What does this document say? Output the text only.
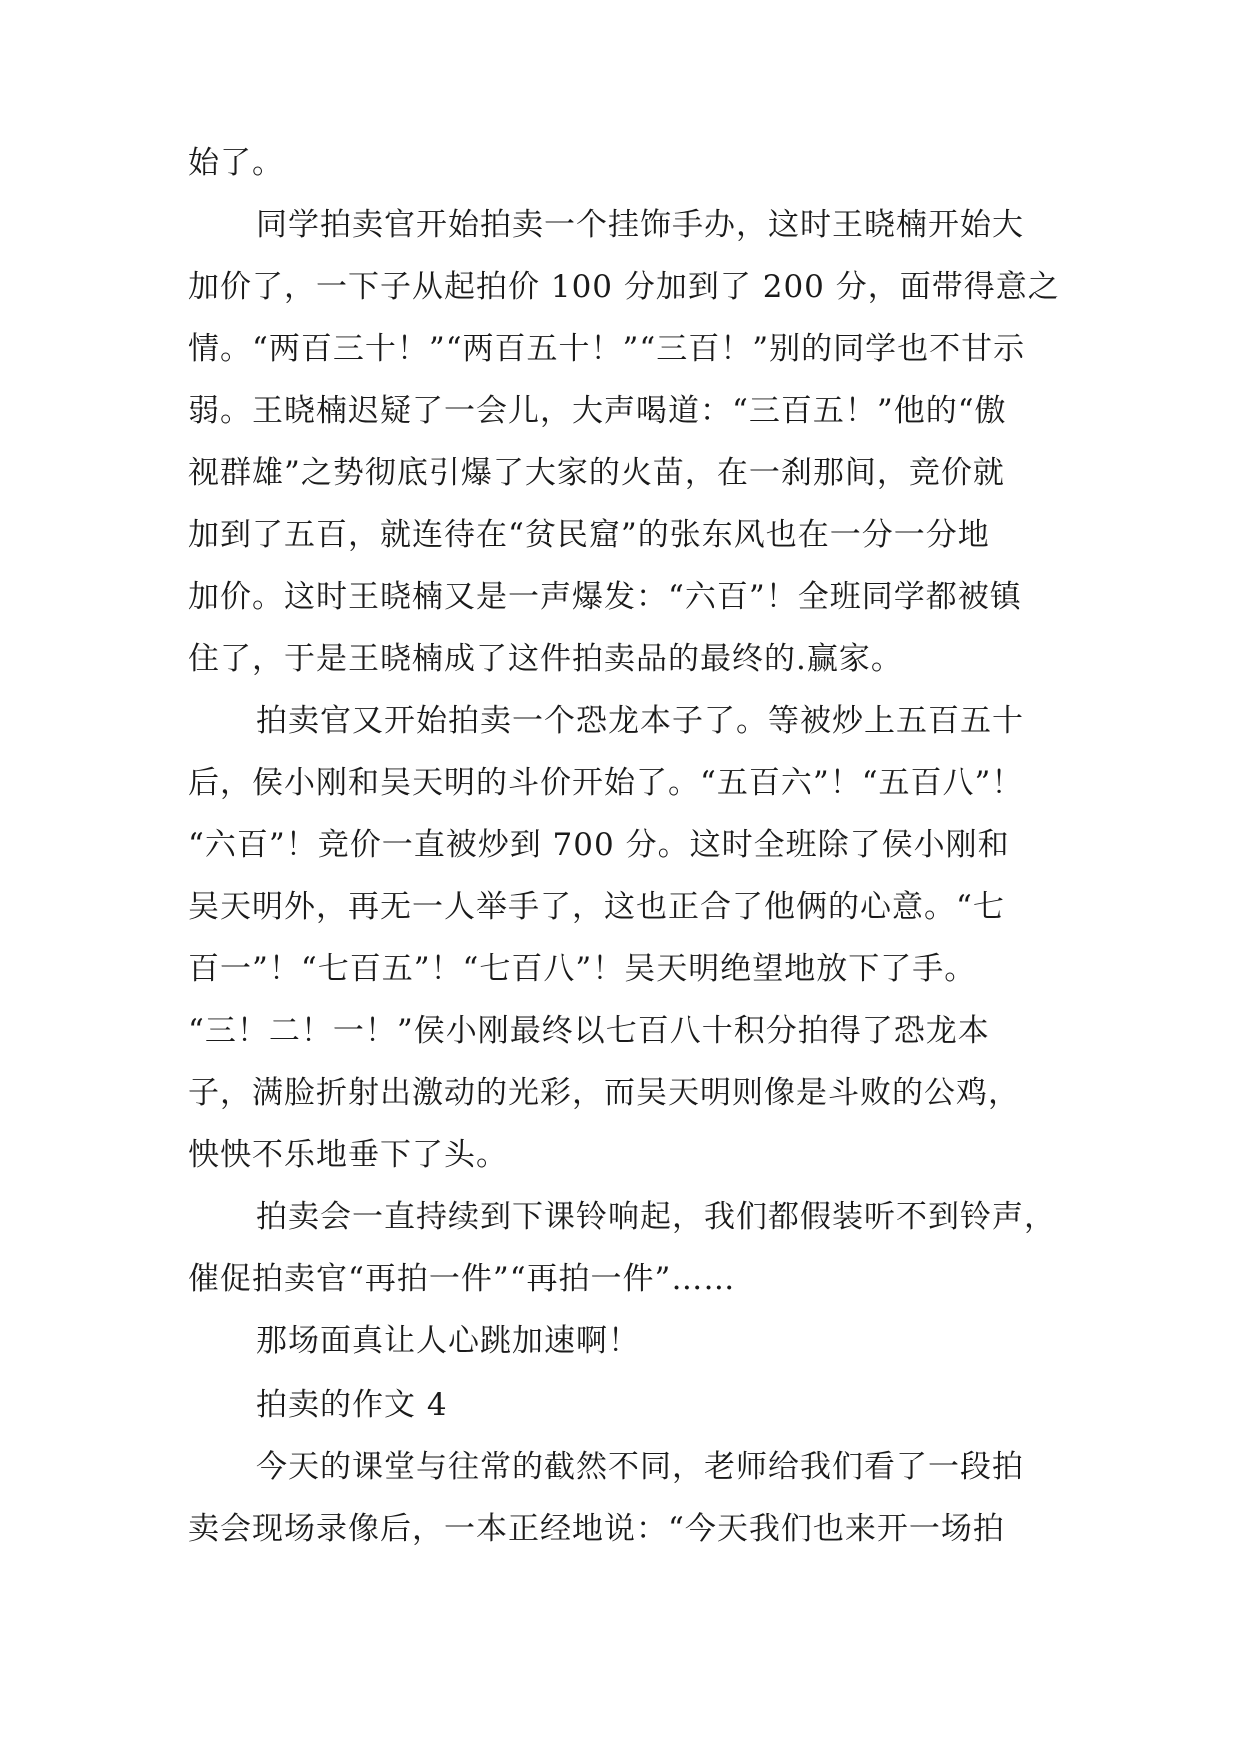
始了。
同学拍卖官开始拍卖一个挂饰手办，这时王晓楠开始大
加价了，一下子从起拍价 100 分加到了 200 分，面带得意之
情。“两百三十！”“两百五十！”“三百！”别的同学也不甘示
弱。王晓楠迟疑了一会儿，大声喝道：“三百五！”他的“傲
视群雄”之势彻底引爆了大家的火苗，在一刹那间，竞价就
加到了五百，就连待在“贫民窟”的张东风也在一分一分地
加价。这时王晓楠又是一声爆发：“六百”！全班同学都被镇
住了，于是王晓楠成了这件拍卖品的最终的.赢家。
拍卖官又开始拍卖一个恐龙本子了。等被炒上五百五十
后，侯小刚和吴天明的斗价开始了。“五百六”！“五百八”！
“六百”！竞价一直被炒到 700 分。这时全班除了侯小刚和
吴天明外，再无一人举手了，这也正合了他俩的心意。“七
百一”！“七百五”！“七百八”！吴天明绝望地放下了手。
“三！二！一！”侯小刚最终以七百八十积分拍得了恐龙本
子，满脸折射出激动的光彩，而吴天明则像是斗败的公鸡，
怏怏不乐地垂下了头。
拍卖会一直持续到下课铃响起，我们都假装听不到铃声，
催促拍卖官“再拍一件”“再拍一件”……
那场面真让人心跳加速啊！
拍卖的作文 4
今天的课堂与往常的截然不同，老师给我们看了一段拍
卖会现场录像后，一本正经地说：“今天我们也来开一场拍
